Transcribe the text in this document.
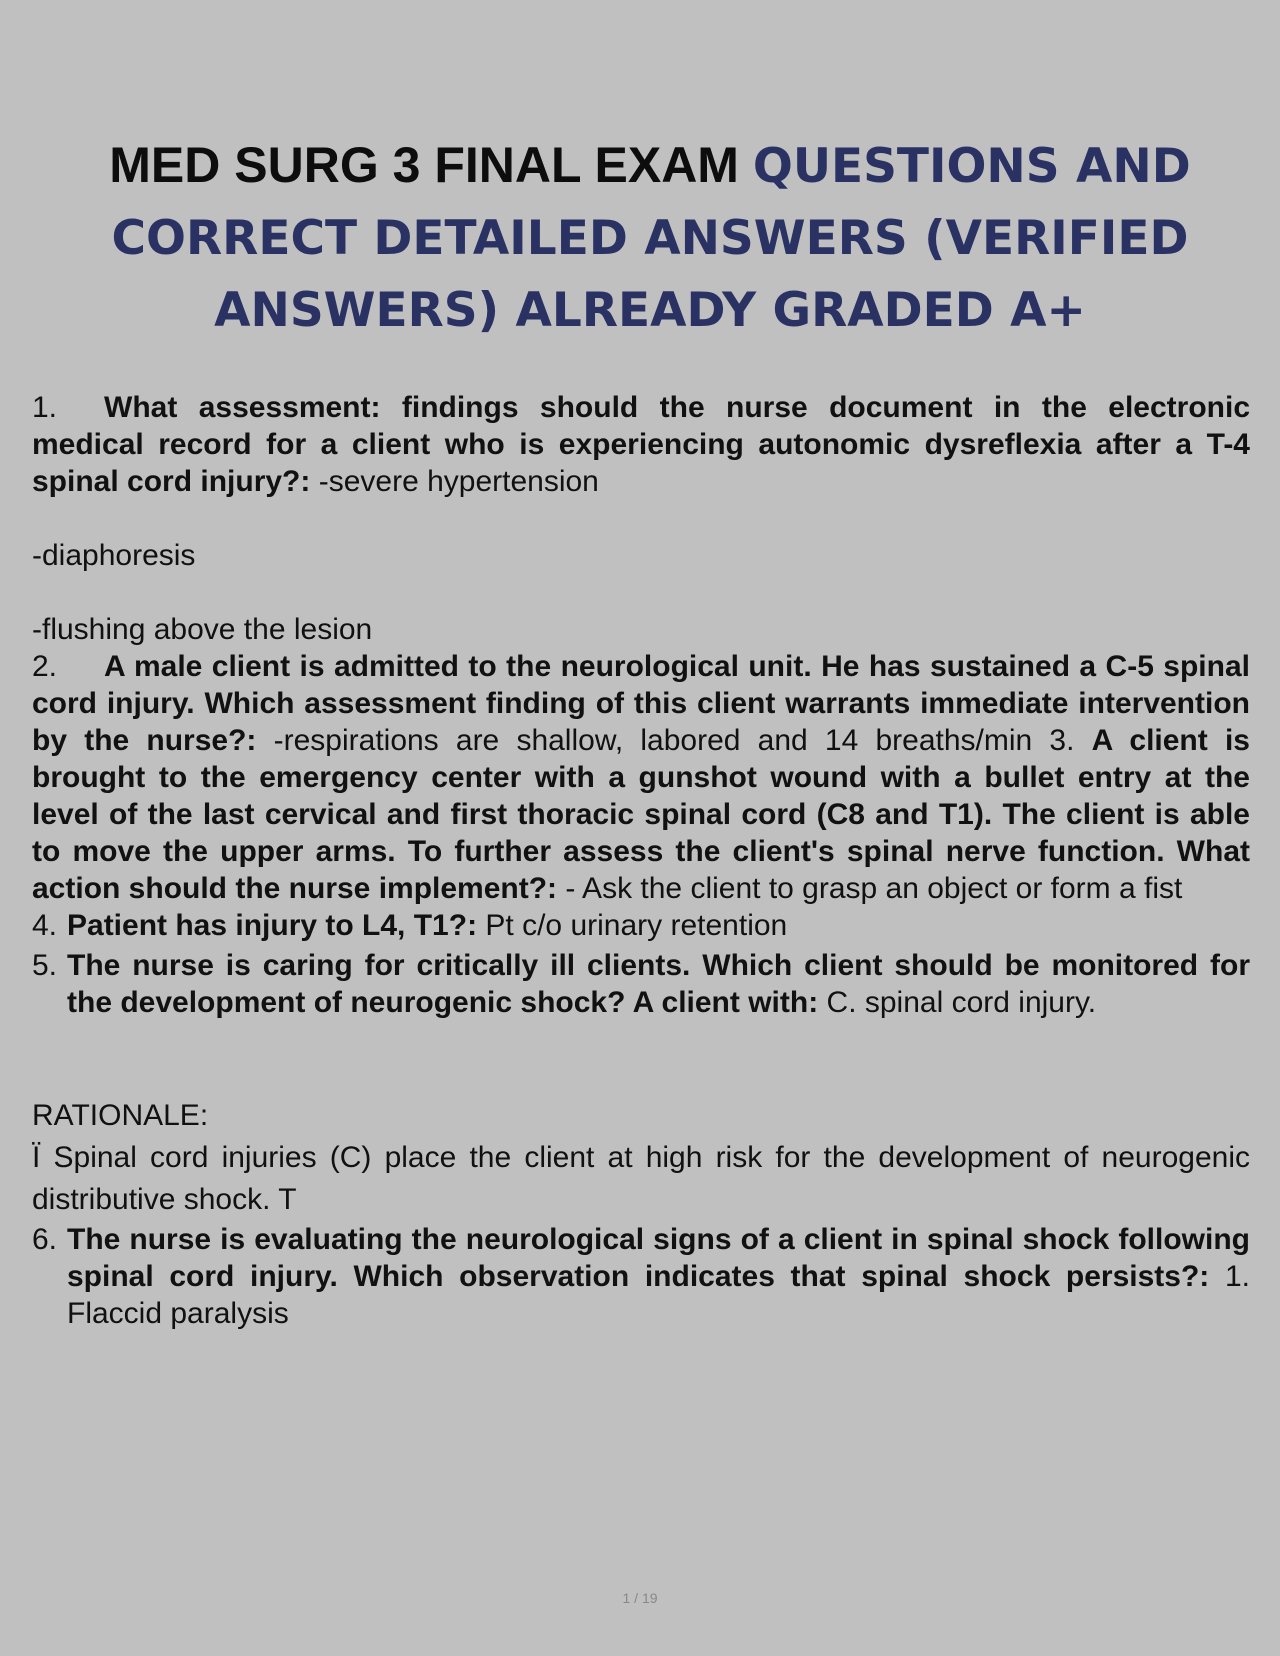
MED SURG 3 FINAL EXAM QUESTIONS AND CORRECT DETAILED ANSWERS (VERIFIED ANSWERS) ALREADY GRADED A+

1. What assessment: findings should the nurse document in the electronic medical record for a client who is experiencing autonomic dysreflexia after a T-4 spinal cord injury?: -severe hypertension

-diaphoresis

-flushing above the lesion

2. A male client is admitted to the neurological unit. He has sustained a C-5 spinal cord injury. Which assessment finding of this client warrants immediate intervention by the nurse?: -respirations are shallow, labored and 14 breaths/min 3. A client is brought to the emergency center with a gunshot wound with a bullet entry at the level of the last cervical and first thoracic spinal cord (C8 and T1). The client is able to move the upper arms. To further assess the client's spinal nerve function. What action should the nurse implement?: - Ask the client to grasp an object or form a fist

4. Patient has injury to L4, T1?: Pt c/o urinary retention

5. The nurse is caring for critically ill clients. Which client should be monitored for the development of neurogenic shock? A client with: C. spinal cord injury.

RATIONALE:

Ï Spinal cord injuries (C) place the client at high risk for the development of neurogenic distributive shock. T

6. The nurse is evaluating the neurological signs of a client in spinal shock following spinal cord injury. Which observation indicates that spinal shock persists?: 1. Flaccid paralysis

1 / 19
